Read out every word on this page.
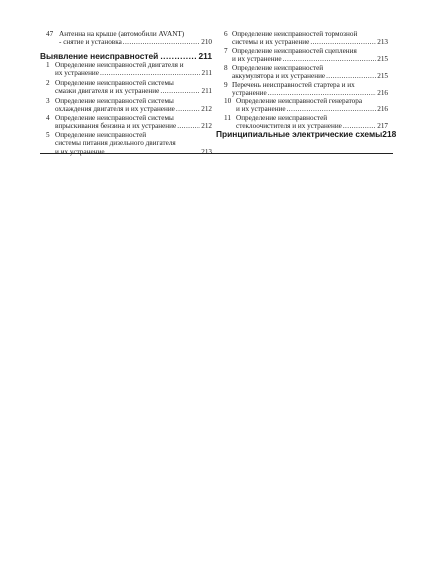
47 Антенна на крыше (автомобили AVANT)
- снятие и установка .....	210
Выявление неисправностей .....	211
1 Определение неисправностей двигателя и
их устранение .....	211
2 Определение неисправностей системы
смазки двигателя и их устранение .....	211
3 Определение неисправностей системы
охлаждения двигателя и их устранение .....	212
4 Определение неисправностей системы
впрыскивания бензина и их устранение .....	212
5 Определение неисправностей
системы питания дизельного двигателя
и их устранение .....	213
6 Определение неисправностей тормозной
системы и их устранение .....	213
7 Определение неисправностей сцепления
и их устранение .....	215
8 Определение неисправностей
аккумулятора и их устранение .....	215
9 Перечень неисправностей стартера и их
устранение .....	216
10 Определение неисправностей генератора
и их устранение .....	216
11 Определение неисправностей
стеклоочистителя и их устранение .....	217
Принципиальные электрические схемы 218
